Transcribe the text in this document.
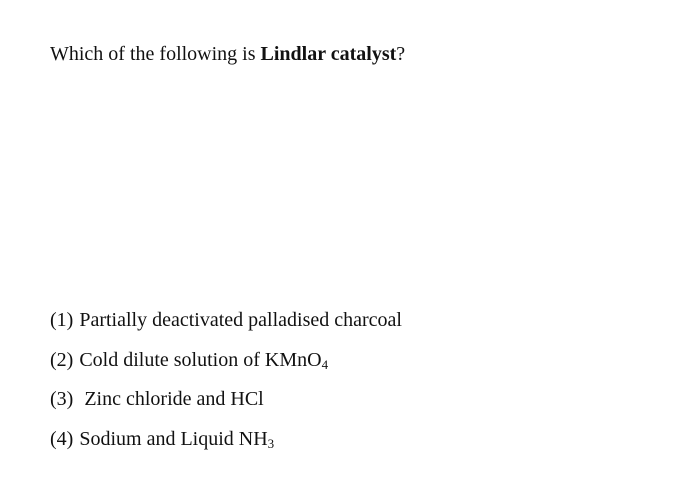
Which of the following is Lindlar catalyst?
(1) Partially deactivated palladised charcoal
(2) Cold dilute solution of KMnO$_4$
(3) Zinc chloride and HCl
(4) Sodium and Liquid $NH_3$
